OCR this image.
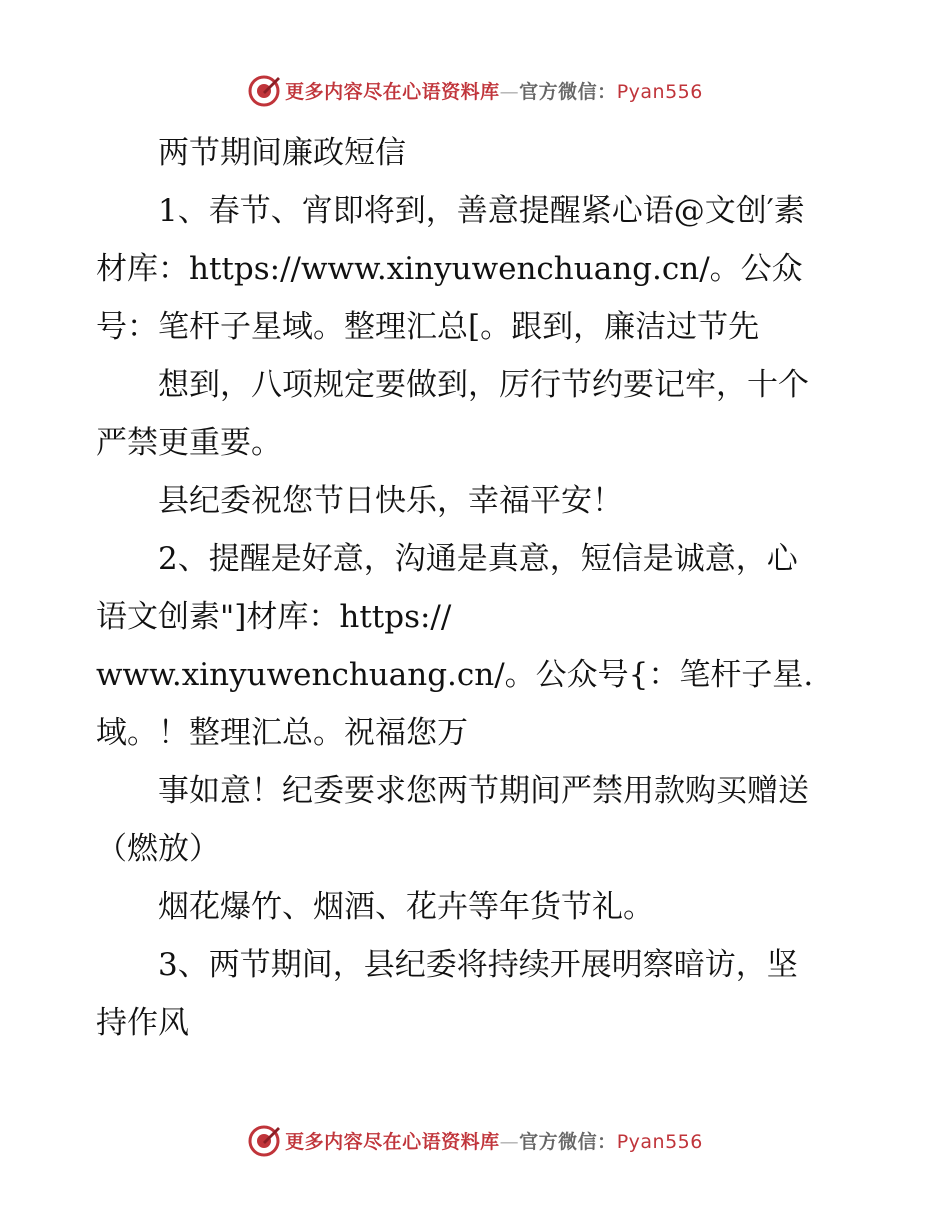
更多内容尽在心语资料库—官方微信：Pyan556
　　两节期间廉政短信
　　1、春节、宵即将到，善意提醒紧心语@文创′素
材库：https://www.xinyuwenchuang.cn/。公众
号：笔杆子星域。整理汇总[。跟到，廉洁过节先
　　想到，八项规定要做到，厉行节约要记牢，十个
严禁更重要。
　　县纪委祝您节日快乐，幸福平安！
　　2、提醒是好意，沟通是真意，短信是诚意，心
语文创素"]材库：https://
www.xinyuwenchuang.cn/。公众号{：笔杆子星.
域。！整理汇总。祝福您万
　　事如意！纪委要求您两节期间严禁用款购买赠送
（燃放）
　　烟花爆竹、烟酒、花卉等年货节礼。
　　3、两节期间，县纪委将持续开展明察暗访，坚
持作风
更多内容尽在心语资料库—官方微信：Pyan556
